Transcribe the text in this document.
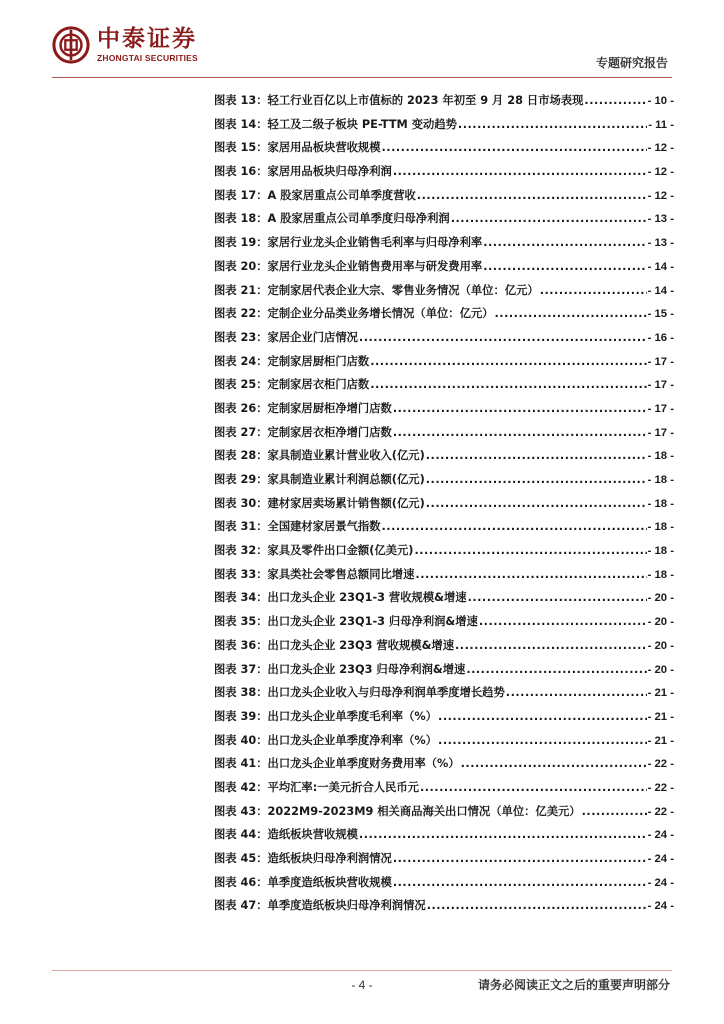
中泰证券
ZHONGTAI SECURITIES	专题研究报告
图表 13：轻工行业百亿以上市值标的 2023 年初至 9 月 28 日市场表现 .....	- 10 -
图表 14：轻工及二级子板块 PE-TTM 变动趋势 .....	- 11 -
图表 15：家居用品板块营收规模 .....	- 12 -
图表 16：家居用品板块归母净利润 .....	- 12 -
图表 17：A 股家居重点公司单季度营收 .....	- 12 -
图表 18：A 股家居重点公司单季度归母净利润 .....	- 13 -
图表 19：家居行业龙头企业销售毛利率与归母净利率 .....	- 13 -
图表 20：家居行业龙头企业销售费用率与研发费用率 .....	- 14 -
图表 21：定制家居代表企业大宗、零售业务情况（单位：亿元） .....	- 14 -
图表 22：定制企业分品类业务增长情况（单位：亿元） .....	- 15 -
图表 23：家居企业门店情况 .....	- 16 -
图表 24：定制家居厨柜门店数 .....	- 17 -
图表 25：定制家居衣柜门店数 .....	- 17 -
图表 26：定制家居厨柜净增门店数 .....	- 17 -
图表 27：定制家居衣柜净增门店数 .....	- 17 -
图表 28：家具制造业累计营业收入(亿元) .....	- 18 -
图表 29：家具制造业累计利润总额(亿元) .....	- 18 -
图表 30：建材家居卖场累计销售额(亿元) .....	- 18 -
图表 31：全国建材家居景气指数 .....	- 18 -
图表 32：家具及零件出口金额(亿美元) .....	- 18 -
图表 33：家具类社会零售总额同比增速 .....	- 18 -
图表 34：出口龙头企业 23Q1-3 营收规模&增速 .....	- 20 -
图表 35：出口龙头企业 23Q1-3 归母净利润&增速 .....	- 20 -
图表 36：出口龙头企业 23Q3 营收规模&增速 .....	- 20 -
图表 37：出口龙头企业 23Q3 归母净利润&增速 .....	- 20 -
图表 38：出口龙头企业收入与归母净利润单季度增长趋势 .....	- 21 -
图表 39：出口龙头企业单季度毛利率（%） .....	- 21 -
图表 40：出口龙头企业单季度净利率（%） .....	- 21 -
图表 41：出口龙头企业单季度财务费用率（%） .....	- 22 -
图表 42：平均汇率:一美元折合人民币元 .....	- 22 -
图表 43：2022M9-2023M9 相关商品海关出口情况（单位：亿美元） .....	- 22 -
图表 44：造纸板块营收规模 .....	- 24 -
图表 45：造纸板块归母净利润情况 .....	- 24 -
图表 46：单季度造纸板块营收规模 .....	- 24 -
图表 47：单季度造纸板块归母净利润情况 .....	- 24 -
- 4 -	请务必阅读正文之后的重要声明部分
